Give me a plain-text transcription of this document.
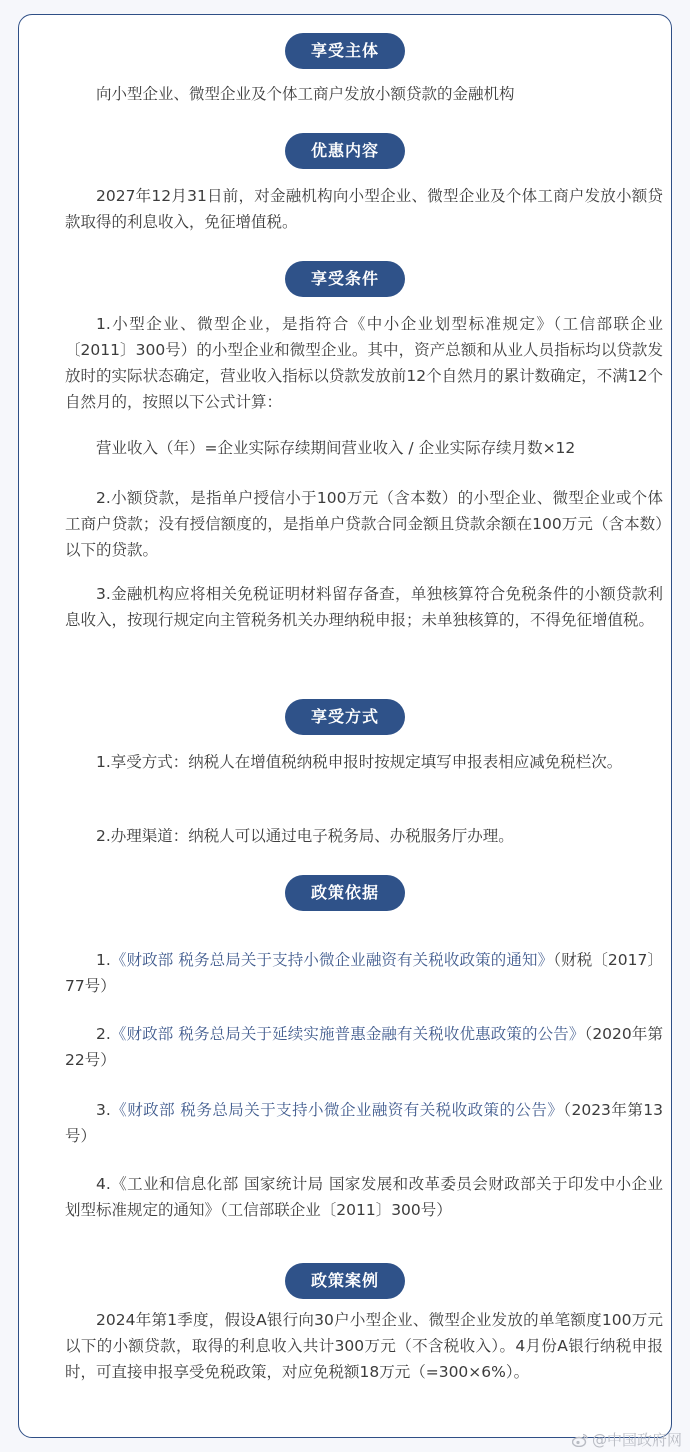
享受主体

向小型企业、微型企业及个体工商户发放小额贷款的金融机构

优惠内容

2027年12月31日前，对金融机构向小型企业、微型企业及个体工商户发放小额贷款取得的利息收入，免征增值税。

享受条件

1.小型企业、微型企业，是指符合《中小企业划型标准规定》（工信部联企业〔2011〕300号）的小型企业和微型企业。其中，资产总额和从业人员指标均以贷款发放时的实际状态确定，营业收入指标以贷款发放前12个自然月的累计数确定，不满12个自然月的，按照以下公式计算：

营业收入（年）=企业实际存续期间营业收入 / 企业实际存续月数×12

2.小额贷款，是指单户授信小于100万元（含本数）的小型企业、微型企业或个体工商户贷款；没有授信额度的，是指单户贷款合同金额且贷款余额在100万元（含本数）以下的贷款。

3.金融机构应将相关免税证明材料留存备查，单独核算符合免税条件的小额贷款利息收入，按现行规定向主管税务机关办理纳税申报；未单独核算的，不得免征增值税。

享受方式

1.享受方式：纳税人在增值税纳税申报时按规定填写申报表相应减免税栏次。

2.办理渠道：纳税人可以通过电子税务局、办税服务厅办理。

政策依据

1.《财政部 税务总局关于支持小微企业融资有关税收政策的通知》（财税〔2017〕77号）

2.《财政部 税务总局关于延续实施普惠金融有关税收优惠政策的公告》（2020年第22号）

3.《财政部 税务总局关于支持小微企业融资有关税收政策的公告》（2023年第13号）

4.《工业和信息化部 国家统计局 国家发展和改革委员会财政部关于印发中小企业划型标准规定的通知》（工信部联企业〔2011〕300号）

政策案例

2024年第1季度，假设A银行向30户小型企业、微型企业发放的单笔额度100万元以下的小额贷款，取得的利息收入共计300万元（不含税收入）。4月份A银行纳税申报时，可直接申报享受免税政策，对应免税额18万元（=300×6%）。

@中国政府网
